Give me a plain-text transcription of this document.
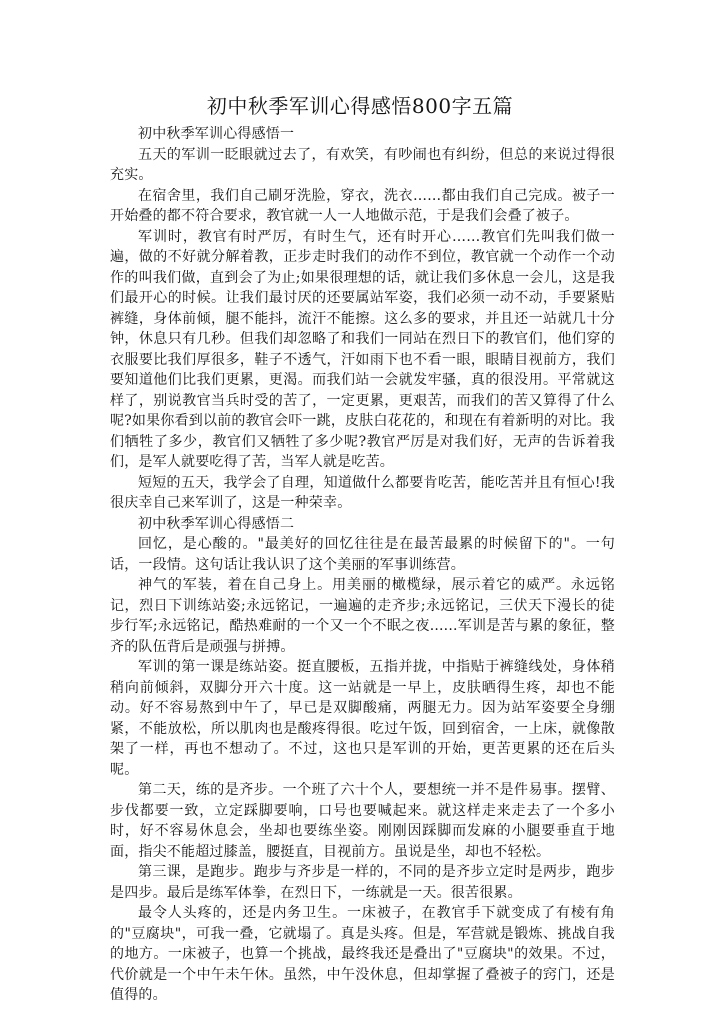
初中秋季军训心得感悟800字五篇

初中秋季军训心得感悟一

五天的军训一眨眼就过去了，有欢笑，有吵闹也有纠纷，但总的来说过得很充实。

在宿舍里，我们自己刷牙洗脸，穿衣，洗衣……都由我们自己完成。被子一开始叠的都不符合要求，教官就一人一人地做示范，于是我们会叠了被子。

军训时，教官有时严厉，有时生气，还有时开心……教官们先叫我们做一遍，做的不好就分解着教，正步走时我们的动作不到位，教官就一个动作一个动作的叫我们做，直到会了为止;如果很理想的话，就让我们多休息一会儿，这是我们最开心的时候。让我们最讨厌的还要属站军姿，我们必须一动不动，手要紧贴裤缝，身体前倾，腿不能抖，流汗不能擦。这么多的要求，并且还一站就几十分钟，休息只有几秒。但我们却忽略了和我们一同站在烈日下的教官们，他们穿的衣服要比我们厚很多，鞋子不透气，汗如雨下也不看一眼，眼睛目视前方，我们要知道他们比我们更累，更渴。而我们站一会就发牢骚，真的很没用。平常就这样了，别说教官当兵时受的苦了，一定更累，更艰苦，而我们的苦又算得了什么呢?如果你看到以前的教官会吓一跳，皮肤白花花的，和现在有着新明的对比。我们牺牲了多少，教官们又牺牲了多少呢?教官严厉是对我们好，无声的告诉着我们，是军人就要吃得了苦，当军人就是吃苦。

短短的五天，我学会了自理，知道做什么都要肯吃苦，能吃苦并且有恒心!我很庆幸自己来军训了，这是一种荣幸。

初中秋季军训心得感悟二

回忆，是心酸的。"最美好的回忆往往是在最苦最累的时候留下的"。一句话，一段情。这句话让我认识了这个美丽的军事训练营。

神气的军装，着在自己身上。用美丽的橄榄绿，展示着它的威严。永远铭记，烈日下训练站姿;永远铭记，一遍遍的走齐步;永远铭记，三伏天下漫长的徒步行军;永远铭记，酷热难耐的一个又一个不眠之夜......军训是苦与累的象征，整齐的队伍背后是顽强与拼搏。

军训的第一课是练站姿。挺直腰板，五指并拢，中指贴于裤缝线处，身体稍稍向前倾斜，双脚分开六十度。这一站就是一早上，皮肤晒得生疼，却也不能动。好不容易熬到中午了，早已是双脚酸痛，两腿无力。因为站军姿要全身绷紧，不能放松，所以肌肉也是酸疼得很。吃过午饭，回到宿舍，一上床，就像散架了一样，再也不想动了。不过，这也只是军训的开始，更苦更累的还在后头呢。

第二天，练的是齐步。一个班了六十个人，要想统一并不是件易事。摆臂、步伐都要一致，立定踩脚要响，口号也要喊起来。就这样走来走去了一个多小时，好不容易休息会，坐却也要练坐姿。刚刚因踩脚而发麻的小腿要垂直于地面，指尖不能超过膝盖，腰挺直，目视前方。虽说是坐，却也不轻松。

第三课，是跑步。跑步与齐步是一样的，不同的是齐步立定时是两步，跑步是四步。最后是练军体拳，在烈日下，一练就是一天。很苦很累。

最令人头疼的，还是内务卫生。一床被子，在教官手下就变成了有棱有角的"豆腐块"，可我一叠，它就塌了。真是头疼。但是，军营就是锻炼、挑战自我的地方。一床被子，也算一个挑战，最终我还是叠出了"豆腐块"的效果。不过，代价就是一个中午未午休。虽然，中午没休息，但却掌握了叠被子的窍门，还是值得的。
